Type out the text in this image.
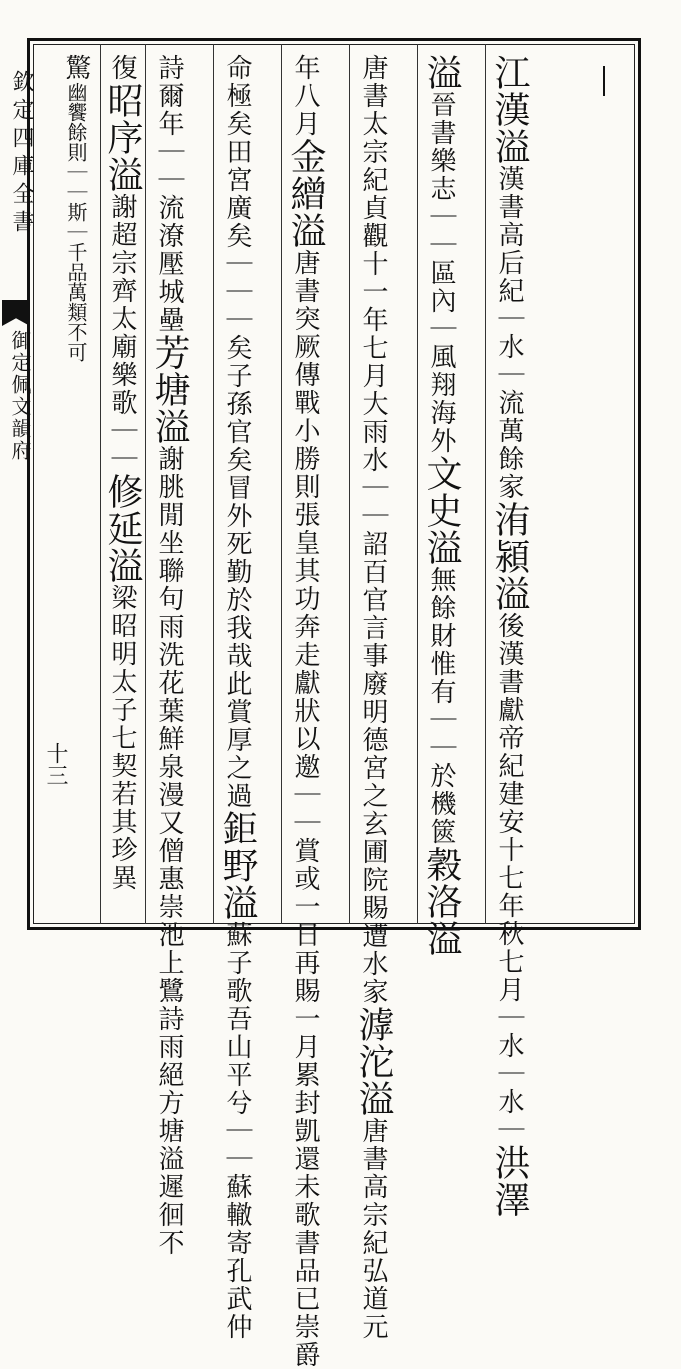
欽定四庫全書
御定佩文韻府
十三
江漢溢漢書高后紀｜水｜流萬餘家洧潁溢後漢書獻帝紀建安十七年秋七月｜水｜水｜洪澤
溢晉書樂志｜｜區內｜風翔海外文史溢無餘財惟有｜｜於機篋穀洛溢
唐書太宗紀貞觀十一年七月大雨水｜｜詔百官言事廢明德宮之玄圃院賜遭水家滹沱溢唐書高宗紀弘道元
年八月金繒溢唐書突厥傳戰小勝則張皇其功奔走獻狀以邀｜｜賞或一日再賜一月累封凱還未歌書品已崇爵
命極矣田宮廣矣｜｜｜矣子孫官矣冒外死勤於我哉此賞厚之過鉅野溢蘇子歌吾山平兮｜｜蘇轍寄孔武仲
詩爾年｜｜流潦壓城壘芳塘溢謝朓閒坐聯句雨洗花葉鮮泉漫又僧惠崇池上鷺詩雨絕方塘溢遲徊不
復昭序溢謝超宗齊太廟樂歌｜｜修延溢梁昭明太子七契若其珍異
驚幽饗餘則｜｜斯｜千品萬類不可
